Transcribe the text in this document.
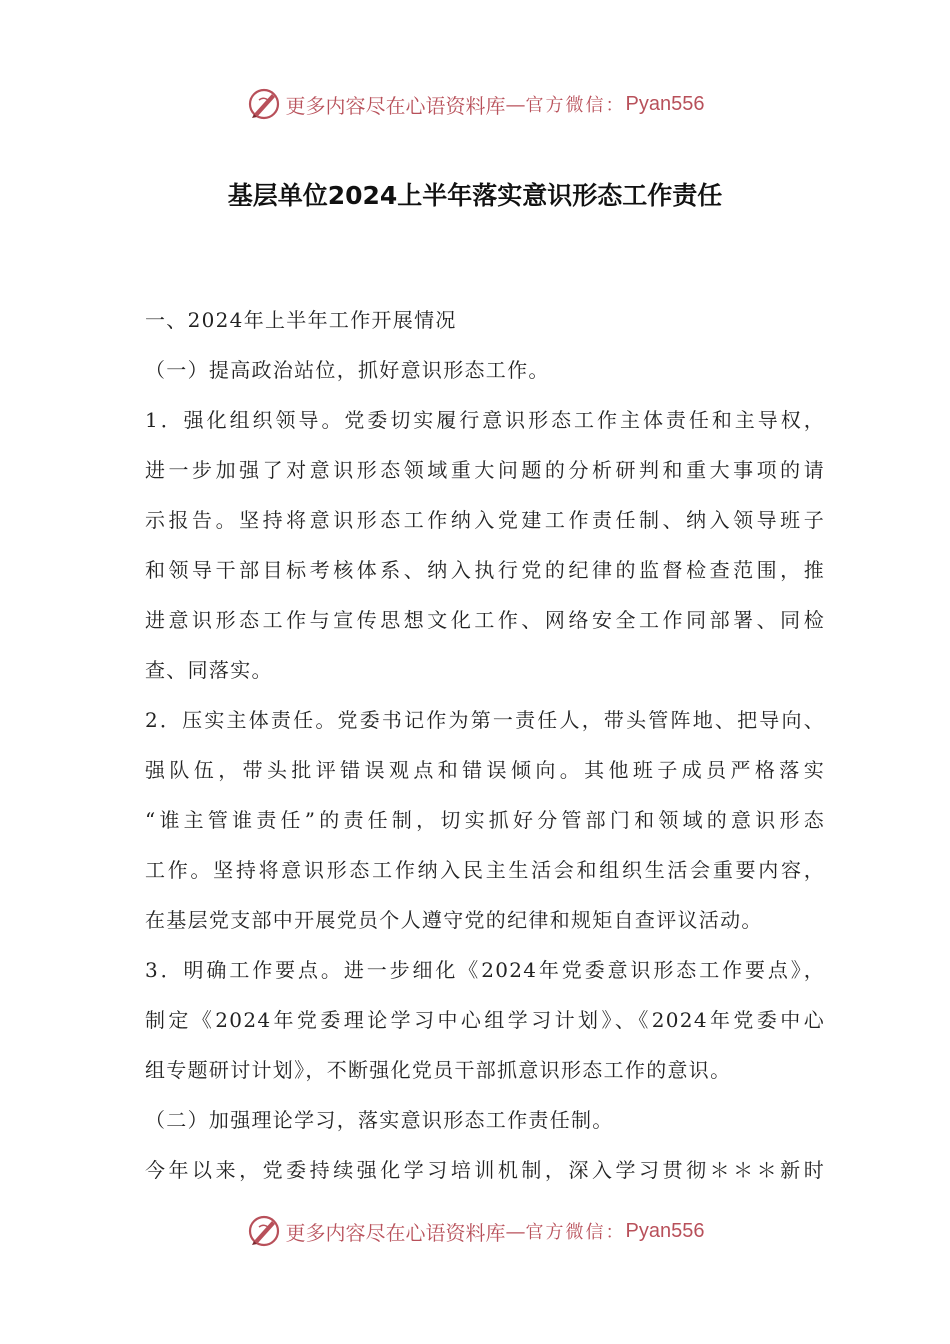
更多内容尽在心语资料库 — 官方微信： Pyan556
基层单位2024上半年落实意识形态工作责任
一、2024年上半年工作开展情况
（一）提高政治站位，抓好意识形态工作。
1．强化组织领导。党委切实履行意识形态工作主体责任和主导权，
进一步加强了对意识形态领域重大问题的分析研判和重大事项的请
示报告。坚持将意识形态工作纳入党建工作责任制、纳入领导班子
和领导干部目标考核体系、纳入执行党的纪律的监督检查范围，推
进意识形态工作与宣传思想文化工作、网络安全工作同部署、同检
查、同落实。
2．压实主体责任。党委书记作为第一责任人，带头管阵地、把导向、
强队伍，带头批评错误观点和错误倾向。其他班子成员严格落实
“谁主管谁责任”的责任制，切实抓好分管部门和领域的意识形态
工作。坚持将意识形态工作纳入民主生活会和组织生活会重要内容，
在基层党支部中开展党员个人遵守党的纪律和规矩自查评议活动。
3．明确工作要点。进一步细化《2024年党委意识形态工作要点》，
制定《2024年党委理论学习中心组学习计划》、《2024年党委中心
组专题研讨计划》，不断强化党员干部抓意识形态工作的意识。
（二）加强理论学习，落实意识形态工作责任制。
今年以来，党委持续强化学习培训机制，深入学习贯彻＊＊＊新时
更多内容尽在心语资料库 — 官方微信： Pyan556
